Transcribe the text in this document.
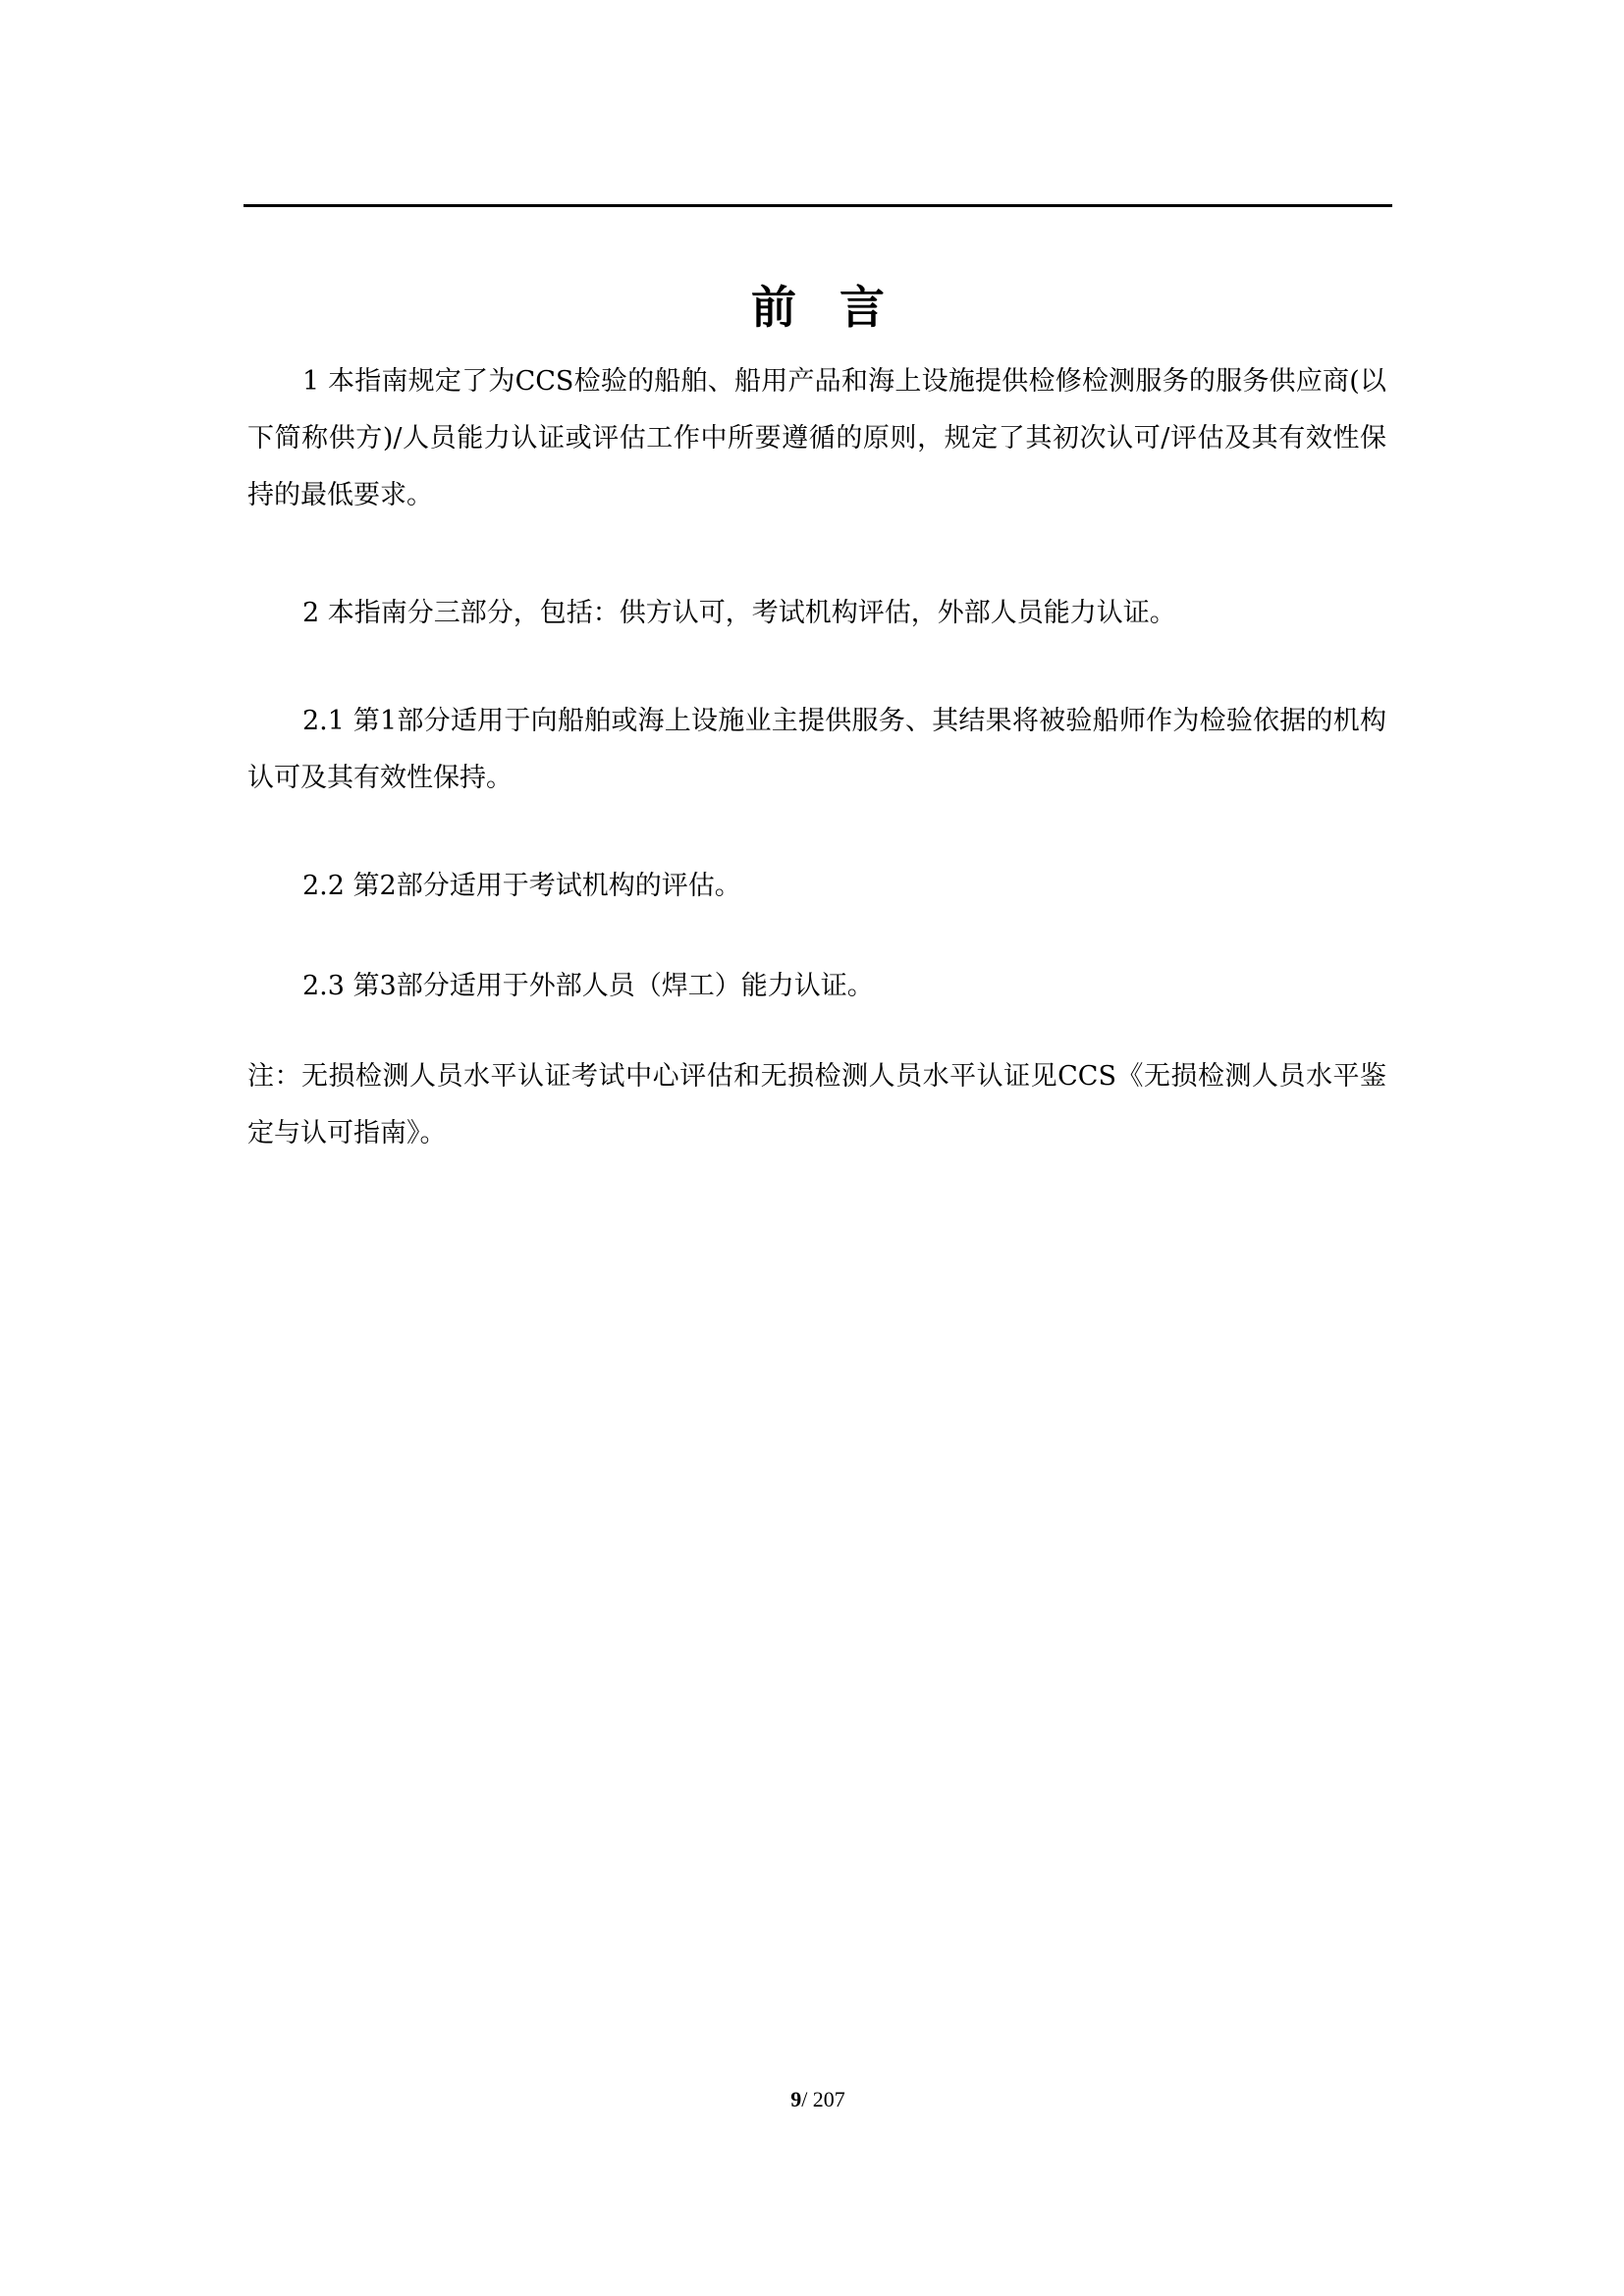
前 言

1 本指南规定了为CCS检验的船舶、船用产品和海上设施提供检修检测服务的服务供应商(以下简称供方)/人员能力认证或评估工作中所要遵循的原则，规定了其初次认可/评估及其有效性保持的最低要求。

2 本指南分三部分，包括：供方认可，考试机构评估，外部人员能力认证。

2.1 第1部分适用于向船舶或海上设施业主提供服务、其结果将被验船师作为检验依据的机构认可及其有效性保持。

2.2 第2部分适用于考试机构的评估。

2.3 第3部分适用于外部人员（焊工）能力认证。

注：无损检测人员水平认证考试中心评估和无损检测人员水平认证见CCS《无损检测人员水平鉴定与认可指南》。

9/ 207
